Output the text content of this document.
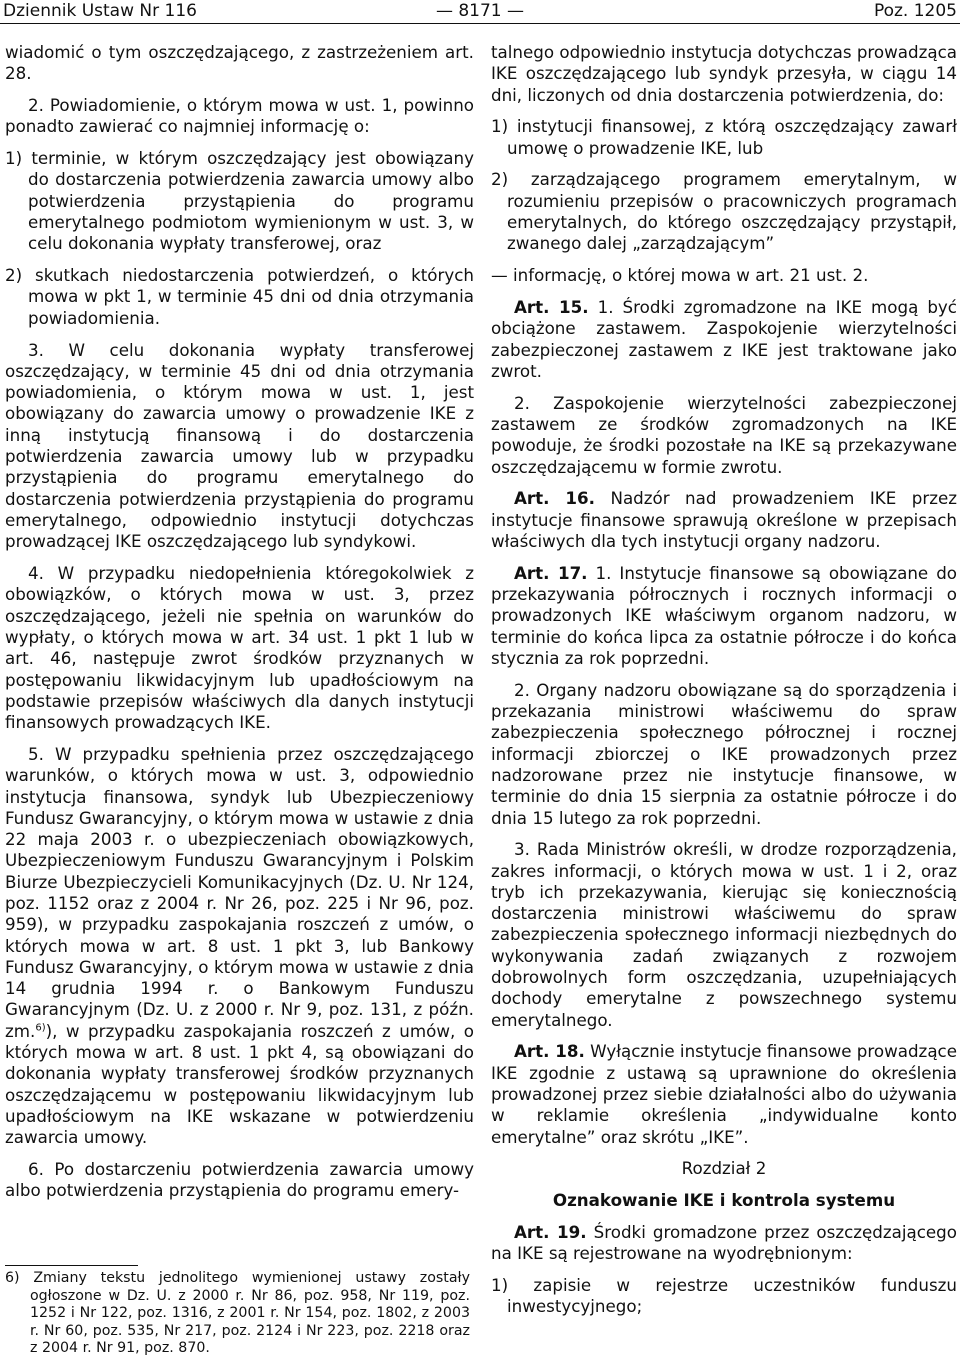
Dziennik Ustaw Nr 116	— 8171 —	Poz. 1205

wiadomić o tym oszczędzającego, z zastrzeżeniem art. 28.

2. Powiadomienie, o którym mowa w ust. 1, powinno ponadto zawierać co najmniej informację o:

1) terminie, w którym oszczędzający jest obowiązany do dostarczenia potwierdzenia zawarcia umowy albo potwierdzenia przystąpienia do programu emerytalnego podmiotom wymienionym w ust. 3, w celu dokonania wypłaty transferowej, oraz

2) skutkach niedostarczenia potwierdzeń, o których mowa w pkt 1, w terminie 45 dni od dnia otrzymania powiadomienia.

3. W celu dokonania wypłaty transferowej oszczędzający, w terminie 45 dni od dnia otrzymania powiadomienia, o którym mowa w ust. 1, jest obowiązany do zawarcia umowy o prowadzenie IKE z inną instytucją finansową i do dostarczenia potwierdzenia zawarcia umowy lub w przypadku przystąpienia do programu emerytalnego do dostarczenia potwierdzenia przystąpienia do programu emerytalnego, odpowiednio instytucji dotychczas prowadzącej IKE oszczędzającego lub syndykowi.

4. W przypadku niedopełnienia któregokolwiek z obowiązków, o których mowa w ust. 3, przez oszczędzającego, jeżeli nie spełnia on warunków do wypłaty, o których mowa w art. 34 ust. 1 pkt 1 lub w art. 46, następuje zwrot środków przyznanych w postępowaniu likwidacyjnym lub upadłościowym na podstawie przepisów właściwych dla danych instytucji finansowych prowadzących IKE.

5. W przypadku spełnienia przez oszczędzającego warunków, o których mowa w ust. 3, odpowiednio instytucja finansowa, syndyk lub Ubezpieczeniowy Fundusz Gwarancyjny, o którym mowa w ustawie z dnia 22 maja 2003 r. o ubezpieczeniach obowiązkowych, Ubezpieczeniowym Funduszu Gwarancyjnym i Polskim Biurze Ubezpieczycieli Komunikacyjnych (Dz. U. Nr 124, poz. 1152 oraz z 2004 r. Nr 26, poz. 225 i Nr 96, poz. 959), w przypadku zaspokajania roszczeń z umów, o których mowa w art. 8 ust. 1 pkt 3, lub Bankowy Fundusz Gwarancyjny, o którym mowa w ustawie z dnia 14 grudnia 1994 r. o Bankowym Funduszu Gwarancyjnym (Dz. U. z 2000 r. Nr 9, poz. 131, z późn. zm.$^{6)}$), w przypadku zaspokajania roszczeń z umów, o których mowa w art. 8 ust. 1 pkt 4, są obowiązani do dokonania wypłaty transferowej środków przyznanych oszczędzającemu w postępowaniu likwidacyjnym lub upadłościowym na IKE wskazane w potwierdzeniu zawarcia umowy.

6. Po dostarczeniu potwierdzenia zawarcia umowy albo potwierdzenia przystąpienia do programu emery-

6) Zmiany tekstu jednolitego wymienionej ustawy zostały ogłoszone w Dz. U. z 2000 r. Nr 86, poz. 958, Nr 119, poz. 1252 i Nr 122, poz. 1316, z 2001 r. Nr 154, poz. 1802, z 2003 r. Nr 60, poz. 535, Nr 217, poz. 2124 i Nr 223, poz. 2218 oraz z 2004 r. Nr 91, poz. 870.

talnego odpowiednio instytucja dotychczas prowadząca IKE oszczędzającego lub syndyk przesyła, w ciągu 14 dni, liczonych od dnia dostarczenia potwierdzenia, do:

1) instytucji finansowej, z którą oszczędzający zawarł umowę o prowadzenie IKE, lub

2) zarządzającego programem emerytalnym, w rozumieniu przepisów o pracowniczych programach emerytalnych, do którego oszczędzający przystąpił, zwanego dalej „zarządzającym”

— informację, o której mowa w art. 21 ust. 2.

Art. 15. 1. Środki zgromadzone na IKE mogą być obciążone zastawem. Zaspokojenie wierzytelności zabezpieczonej zastawem z IKE jest traktowane jako zwrot.

2. Zaspokojenie wierzytelności zabezpieczonej zastawem ze środków zgromadzonych na IKE powoduje, że środki pozostałe na IKE są przekazywane oszczędzającemu w formie zwrotu.

Art. 16. Nadzór nad prowadzeniem IKE przez instytucje finansowe sprawują określone w przepisach właściwych dla tych instytucji organy nadzoru.

Art. 17. 1. Instytucje finansowe są obowiązane do przekazywania półrocznych i rocznych informacji o prowadzonych IKE właściwym organom nadzoru, w terminie do końca lipca za ostatnie półrocze i do końca stycznia za rok poprzedni.

2. Organy nadzoru obowiązane są do sporządzenia i przekazania ministrowi właściwemu do spraw zabezpieczenia społecznego półrocznej i rocznej informacji zbiorczej o IKE prowadzonych przez nadzorowane przez nie instytucje finansowe, w terminie do dnia 15 sierpnia za ostatnie półrocze i do dnia 15 lutego za rok poprzedni.

3. Rada Ministrów określi, w drodze rozporządzenia, zakres informacji, o których mowa w ust. 1 i 2, oraz tryb ich przekazywania, kierując się koniecznością dostarczenia ministrowi właściwemu do spraw zabezpieczenia społecznego informacji niezbędnych do wykonywania zadań związanych z rozwojem dobrowolnych form oszczędzania, uzupełniających dochody emerytalne z powszechnego systemu emerytalnego.

Art. 18. Wyłącznie instytucje finansowe prowadzące IKE zgodnie z ustawą są uprawnione do określenia prowadzonej przez siebie działalności albo do używania w reklamie określenia „indywidualne konto emerytalne” oraz skrótu „IKE”.

Rozdział 2

Oznakowanie IKE i kontrola systemu

Art. 19. Środki gromadzone przez oszczędzającego na IKE są rejestrowane na wyodrębnionym:

1) zapisie w rejestrze uczestników funduszu inwestycyjnego;
